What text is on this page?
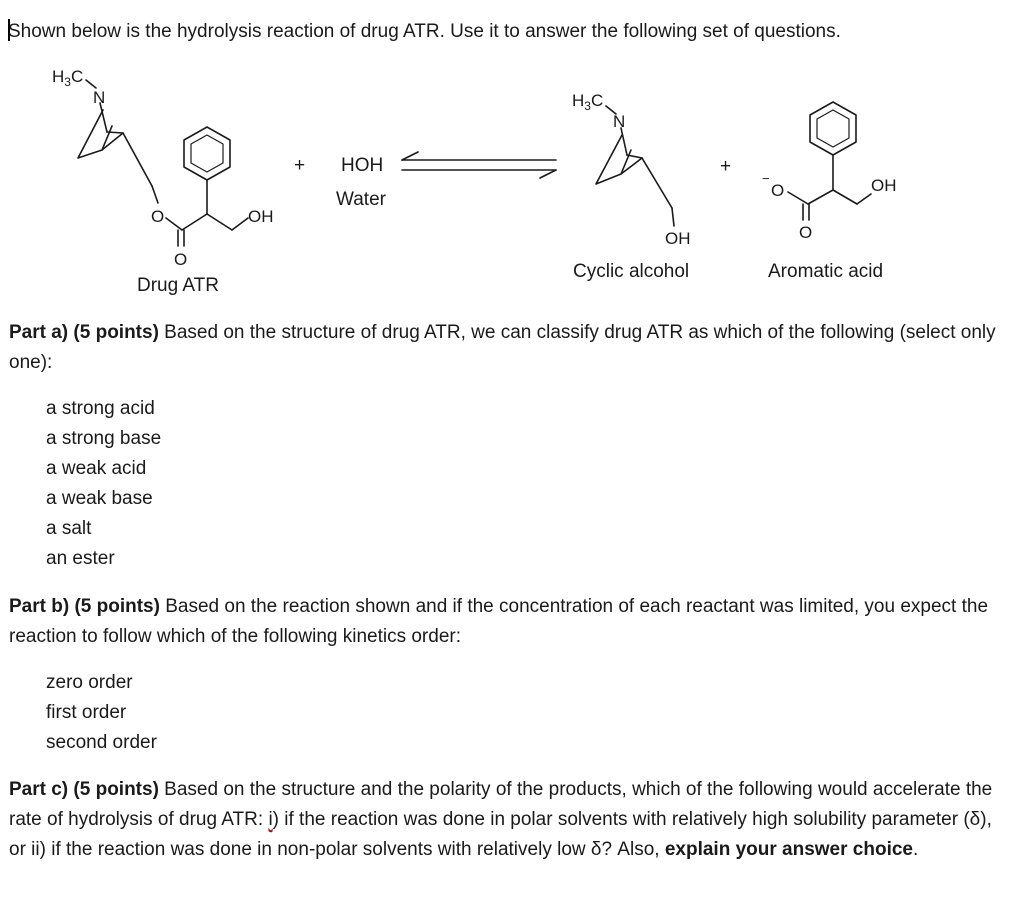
Shown below is the hydrolysis reaction of drug ATR. Use it to answer the following set of questions.
$H_3C$
N
O
O
OH
Drug ATR
+ HOH
Water
$H_3C$
N
OH
Cyclic alcohol
+
−
O
O
OH
Aromatic acid
Part a) (5 points) Based on the structure of drug ATR, we can classify drug ATR as which of the following (select only one):
a strong acid
a strong base
a weak acid
a weak base
a salt
an ester
Part b) (5 points) Based on the reaction shown and if the concentration of each reactant was limited, you expect the reaction to follow which of the following kinetics order:
zero order
first order
second order
Part c) (5 points) Based on the structure and the polarity of the products, which of the following would accelerate the rate of hydrolysis of drug ATR: i) if the reaction was done in polar solvents with relatively high solubility parameter (δ), or ii) if the reaction was done in non-polar solvents with relatively low δ? Also, explain your answer choice.
